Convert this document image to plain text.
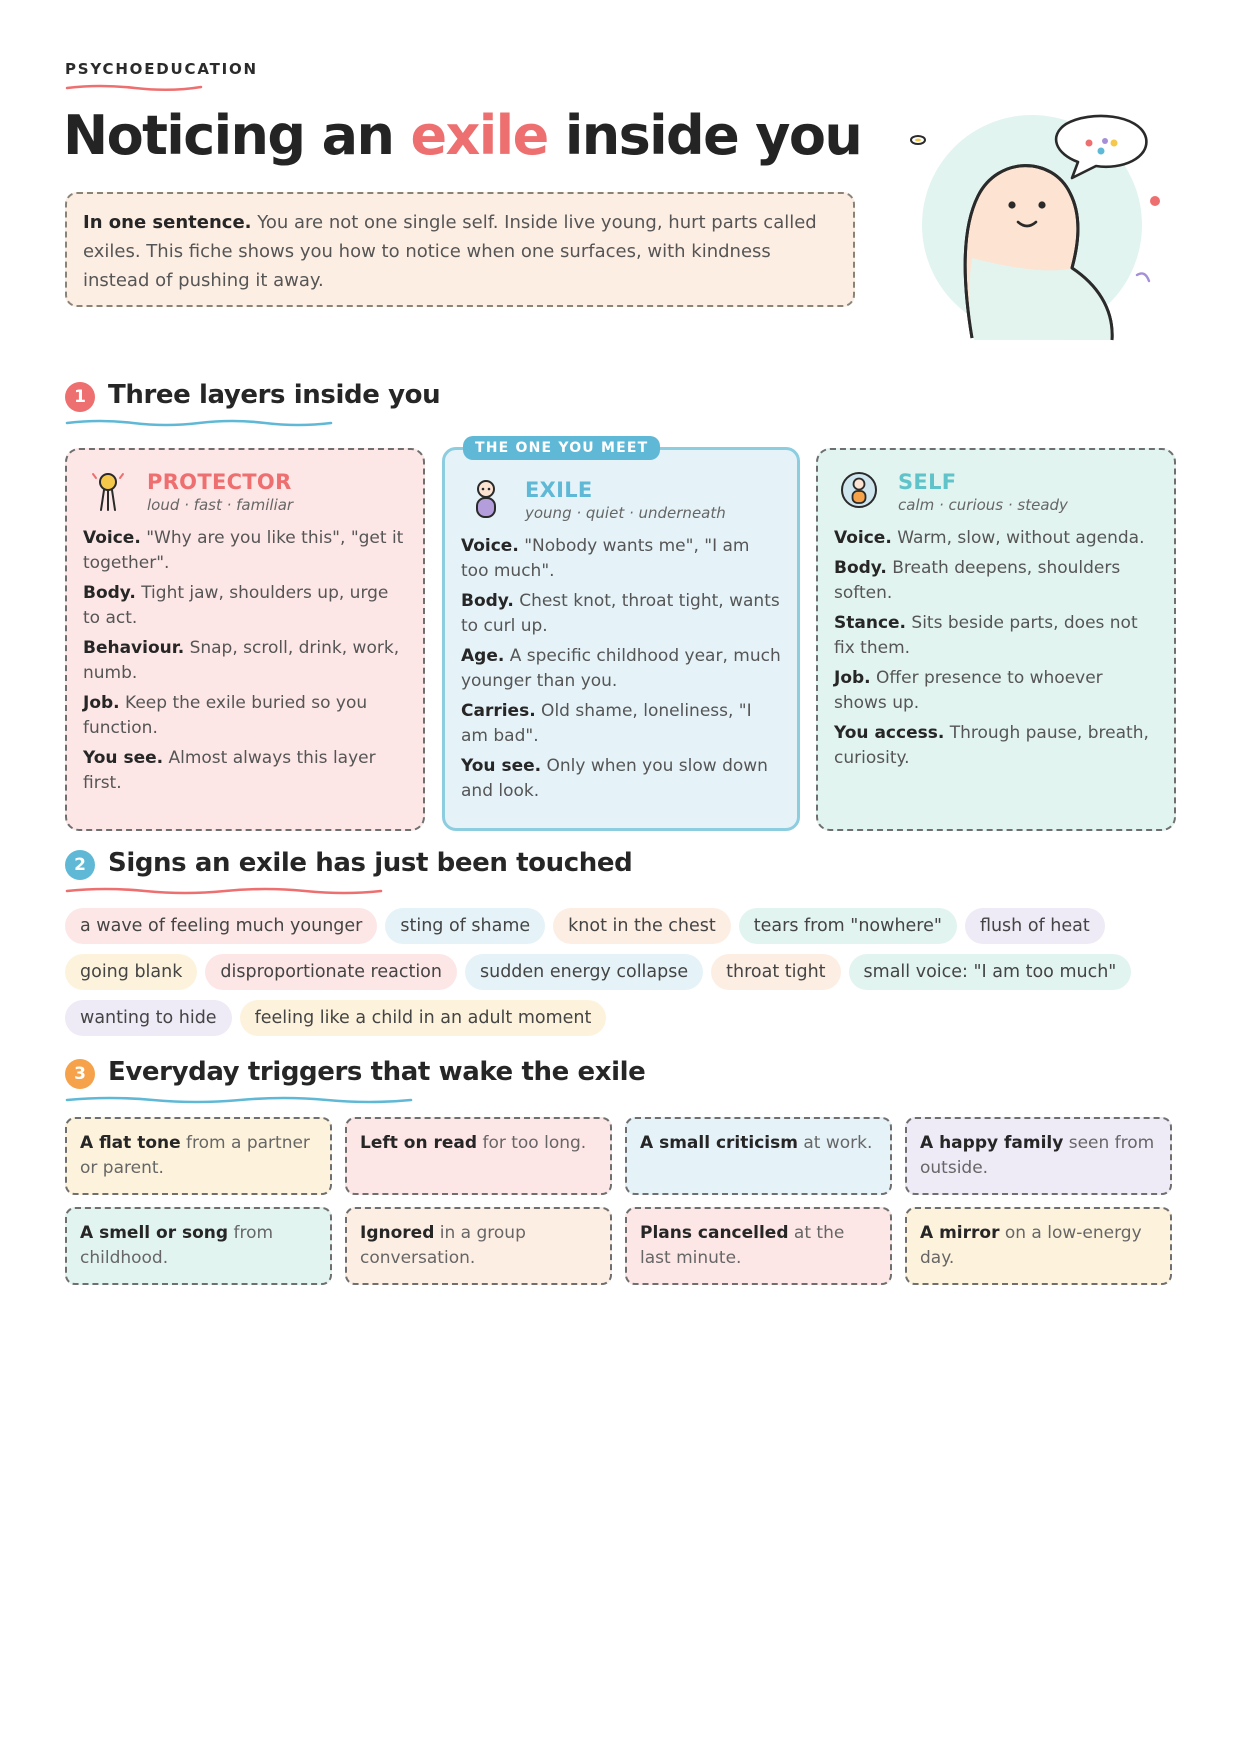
PSYCHOEDUCATION
Noticing an exile inside you
In one sentence. You are not one single self. Inside live young, hurt parts called exiles. This fiche shows you how to notice when one surfaces, with kindness instead of pushing it away.
1 Three layers inside you
PROTECTOR
loud · fast · familiar

Voice. "Why are you like this", "get it together".

Body. Tight jaw, shoulders up, urge to act.

Behaviour. Snap, scroll, drink, work, numb.

Job. Keep the exile buried so you function.

You see. Almost always this layer first.

THE ONE YOU MEET
EXILE
young · quiet · underneath

Voice. "Nobody wants me", "I am too much".

Body. Chest knot, throat tight, wants to curl up.

Age. A specific childhood year, much younger than you.

Carries. Old shame, loneliness, "I am bad".

You see. Only when you slow down and look.

SELF
calm · curious · steady

Voice. Warm, slow, without agenda.

Body. Breath deepens, shoulders soften.

Stance. Sits beside parts, does not fix them.

Job. Offer presence to whoever shows up.

You access. Through pause, breath, curiosity.

2 Signs an exile has just been touched
a wave of feeling much younger sting of shame knot in the chest tears from "nowhere" flush of heatgoing blank disproportionate reaction sudden energy collapse throat tight small voice: "I am too much"wanting to hide feeling like a child in an adult moment
3 Everyday triggers that wake the exile
A flat tone from a partner or parent.
Left on read for too long.	A small criticism at work.	A happy family seen from outside.
A smell or song from childhood.
Ignored in a group conversation.
Plans cancelled at the last minute.
A mirror on a low-energy day.
